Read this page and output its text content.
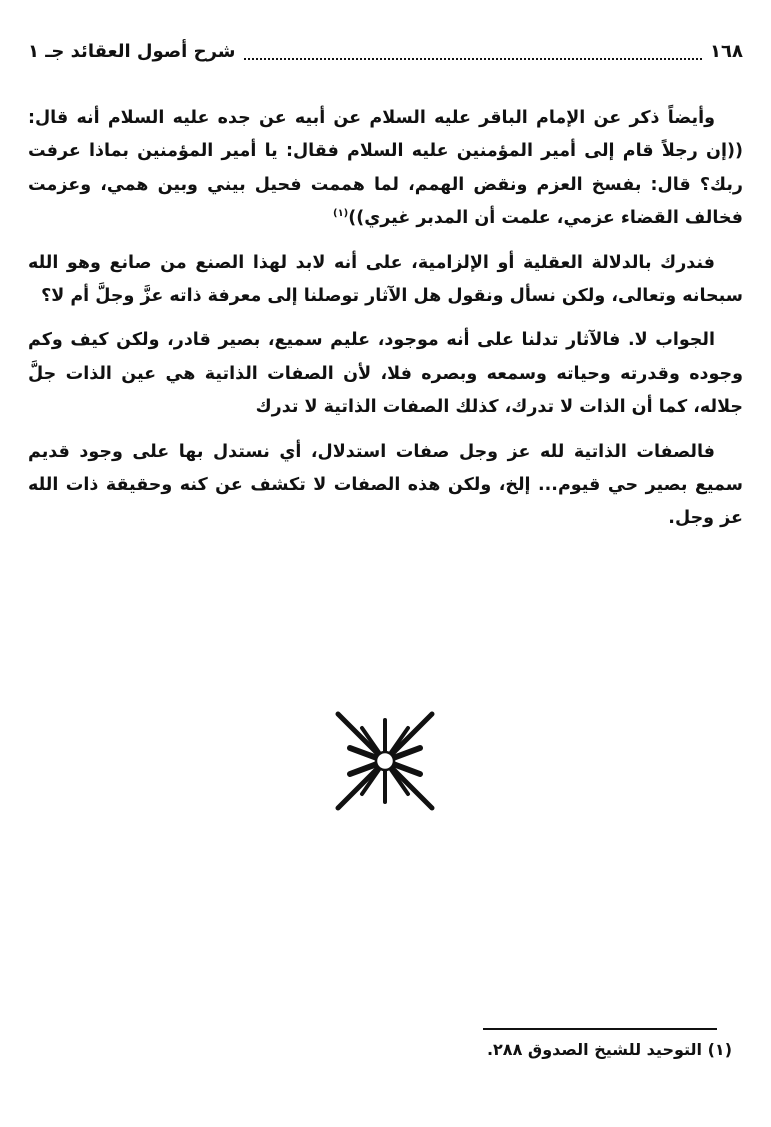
١٦٨
شرح أصول العقائد جـ ١

وأيضاً ذكر عن الإمام الباقر عليه السلام عن أبيه عن جده عليه السلام أنه قال: ((إن رجلاً قام إلى أمير المؤمنين عليه السلام فقال: يا أمير المؤمنين بماذا عرفت ربك؟ قال: بفسخ العزم ونقض الهمم، لما هممت فحيل بيني وبين همي، وعزمت فخالف القضاء عزمي، علمت أن المدبر غيري))$^{(١)}$

فندرك بالدلالة العقلية أو الإلزامية، على أنه لابد لهذا الصنع من صانع وهو الله سبحانه وتعالى، ولكن نسأل ونقول هل الآثار توصلنا إلى معرفة ذاته عزَّ وجلَّ أم لا؟

الجواب لا. فالآثار تدلنا على أنه موجود، عليم سميع، بصير قادر، ولكن كيف وكم وجوده وقدرته وحياته وسمعه وبصره فلا، لأن الصفات الذاتية هي عين الذات جلَّ جلاله، كما أن الذات لا تدرك، كذلك الصفات الذاتية لا تدرك

فالصفات الذاتية لله عز وجل صفات استدلال، أي نستدل بها على وجود قديم سميع بصير حي قيوم... إلخ، ولكن هذه الصفات لا تكشف عن كنه وحقيقة ذات الله عز وجل.

(١) التوحيد للشيخ الصدوق ٢٨٨.
